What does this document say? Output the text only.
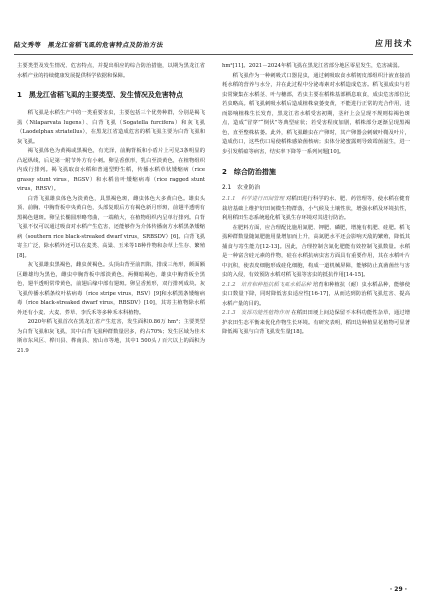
陆文秀等　黑龙江省稻飞虱的危害特点及防治方法	应用技术

主要类型及发生情况、危害特点，并提出相应的综合防治措施，以期为黑龙江省水稻产业的持续健康发展提供科学依据和保障。

1　黑龙江省稻飞虱的主要类型、发生情况及危害特点

稻飞虱是水稻生产中的一类重要害虫，主要包括三个优势种群，分别是褐飞虱（Nilaparvata lugens）、白背飞虱（Sogatella furcifera）和灰飞虱（Laodelphax striatellus），在黑龙江省造成危害的稻飞虱主要为白背飞虱和灰飞虱。

褐飞虱体色为黄褐或黑褐色，有光泽，前胸背板和小盾片上可见3条明显的凸起纵线，后足第一附节外方有小刺。卵呈香蕉形，乳白至淡黄色，在植物组织内成行排列。褐飞虱取食水稻和普通型野生稻，传播水稻草状矮缩病（rice grassy stunt virus，RGSV）和水稻齿叶矮缩病毒（rice ragged stunt virus，RRSV）。

白背飞虱雄虫体色为淡黄色，具黑褐色斑，雌虫体色大多黄白色。雄虫头顶、前胸、中胸背板中央黄白色，头部复眼后方有褐色新月形斑，前翅半透明有黑褐色翅斑。卵呈长椭圆形略弯曲，一端稍大，在植物组织内呈单行排列。白背飞虱不仅可以通过吸食对水稻产生危害，还能够作为介体传播南方水稻黑条矮缩病（southern rice black-streaked dwarf virus，SRBSDV）[6]。白背飞虱寄主广泛，除水稻外还可以在麦类、高粱、玉米等18种作物和杂草上生存、繁殖[8]。

灰飞虱雄虫黑褐色，雌虫黄褐色。头顶由背至前凹陷，排成三角形，颜面额区雌雄均为黑色，雌虫中胸背板中部淡黄色，两侧暗褐色，雄虫中胸背板全黑色，翅半透明常带黄色，前翅后缘中部有翅斑。卵呈香蕉形，双行排列成块。灰飞虱传播水稻条纹叶枯病毒（rice stripe virus，RSV）[9]和水稻黑条矮缩病毒（rice black-streaked dwarf virus，RBSDV）[10]，其寄主植物除水稻外还有小麦、大麦、荞草、李氏禾等多种禾本科植物。

2020年稻飞虱首次在黑龙江省产生危害，发生面积0.86万 hm²；主要类型为白背飞虱和灰飞虱，其中白背飞虱种群数量居多，约占70%；发生区域为佳木斯市东风区、桦川县、桦南县、密山市等地，其中1 500头 / 百穴以上的面积为21.9

hm²[11]。2021－2024年稻飞虱在黑龙江省部分地区零星发生，危害减弱。

稻飞虱作为一种刺吸式口器昆虫，通过刺吸取食水稻韧皮部组织汁液直接消耗水稻的营养与水分，并在此过程中分泌毒素对水稻造成危害。稻飞虱成虫与若虫常聚集在水稻茎、叶与穗部，若虫主要在稻株基部栖息取食，成虫危害部位比若虫略高。稻飞虱刺吸水稻后造成植株衰萎变黄，不能进行正常的光合作用，进而影响植株生长发育，黑龙江省水稻受害初期，茎秆上会呈现不规则棕褐色斑点，造成“冒穿”“倒伏”等典型症状；若受害程度加剧，稻株部分逐渐呈现黑褐色，直至整株枯萎。此外，稻飞虱雌虫在产卵时，其产卵器会刺破叶鞘及叶片，造成伤口，这些伤口易使稻株感染菌核病；虫体分泌蜜露则导致霉菌滋生，进一步引发稻瘟等病害，结实率下降等一系列问题[10]。

2　综合防治措施
2.1　农业防治

2.1.1　科学进行田间管理 对稻田进行科学的水、肥、药管理等，使水稻在健育栽培基础上维护好田间微生物群落，小气候及土壤性状，增强水稻及环境抗性，利用稻田生态系统遏化稻飞虱生存环境对其进行防治。

在肥料方面，应合理配比施用氮肥、钾肥、磷肥，增施有机肥、硅肥。稻飞虱种群数量随氮肥施用量增加而上升，高氮肥水平还会影响天敌的繁殖，降低其捕食与寄生能力[12-13]。因此，合理控制含氮化肥能有效控制飞虱数量。水稻是一种富含硅元素的作物，硅在水稻抗病虫害方面具有重要作用，其在水稻叶片中沉积，使表皮细胞形成硅化细胞，构成一道机械屏障，能够防止真菌菌丝与害虫的入侵，有效预防水稻对稻飞虱等害虫的抵抗作用[14-15]。

2.1.2　培育和种植抗稻飞虱水稻品种 培育和种植抗（耐）虫水稻品种，能够使虫口数量下降，同时降低害虫适应性[16-17]，从而达到防治稻飞虱危害、提高水稻产量的目的。

2.1.3　发挥功能性植物作用 在稻田田埂上间边保留不本科功能性杂草，通过增护农田生态平衡来优化作物生长环境。有研究表明，稻田边种植显花植物可显著降低褐飞虱与白背飞虱发生量[18]。

· 29 ·
